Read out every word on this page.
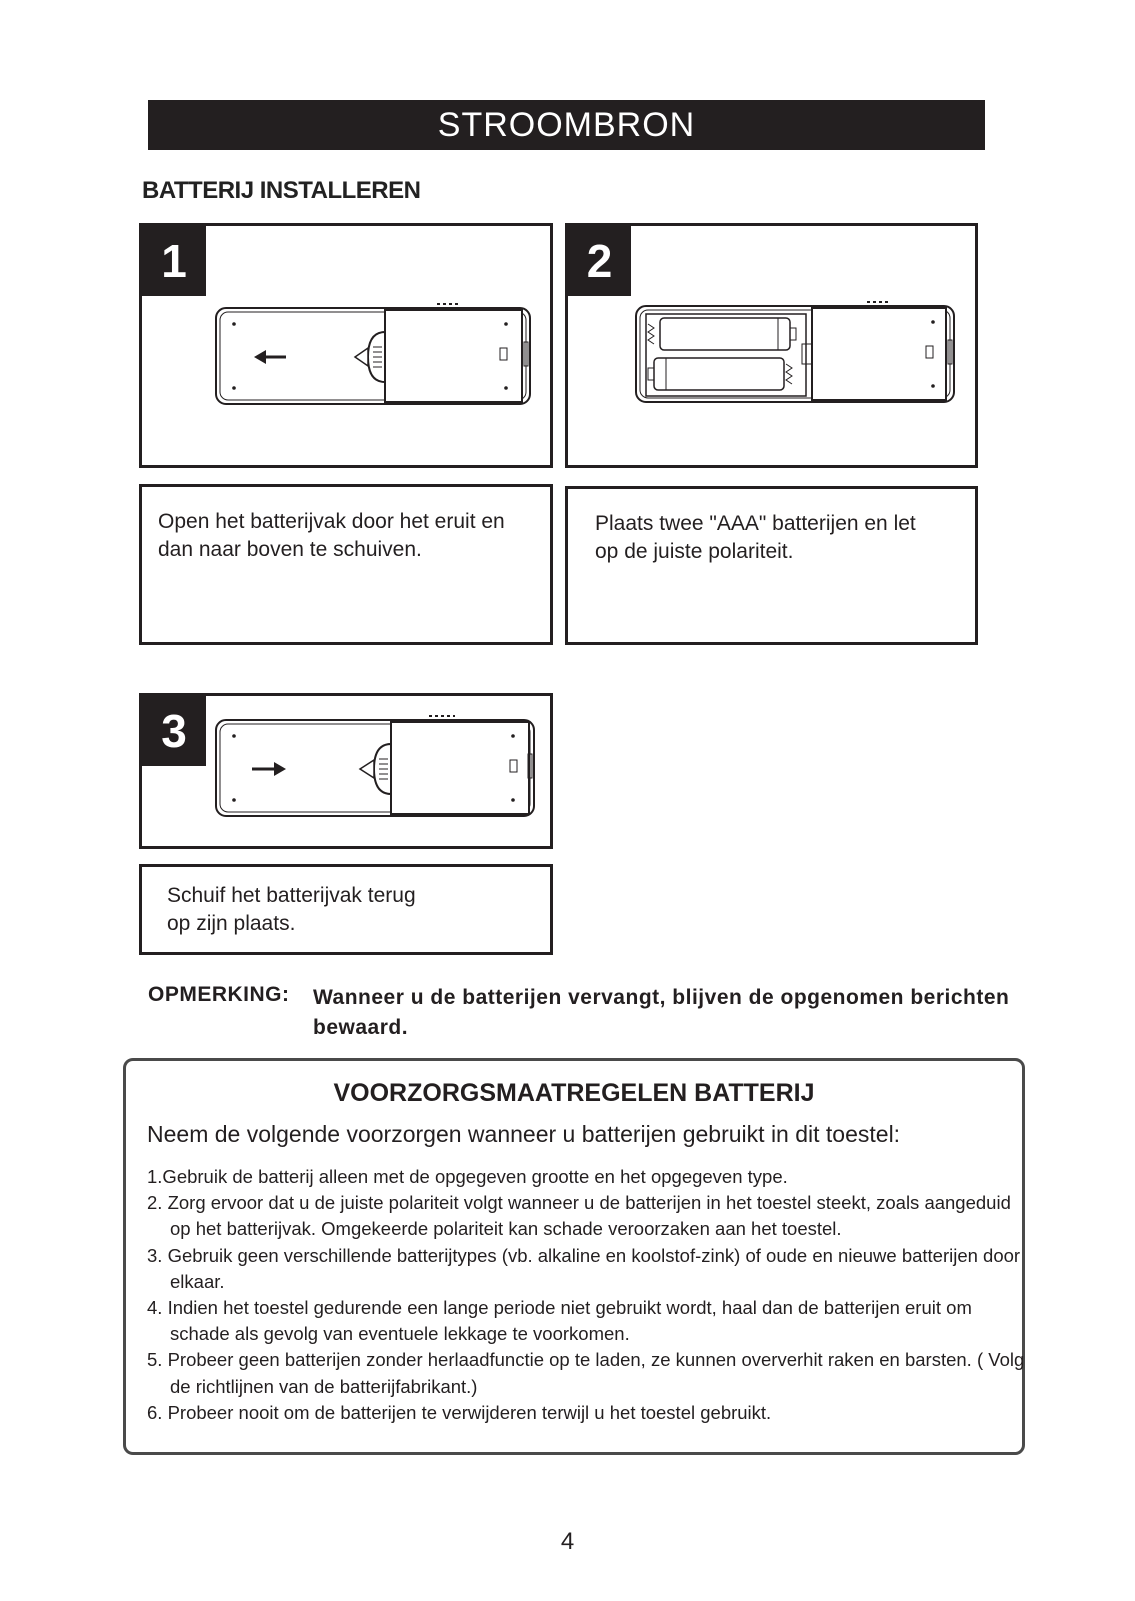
STROOMBRON
BATTERIJ INSTALLEREN
1	2
Open het batterijvak door het eruit en
dan naar boven te schuiven.
Plaats twee "AAA" batterijen en let
op de juiste polariteit.
3
Schuif het batterijvak terug
op zijn plaats.
OPMERKING: Wanneer u de batterijen vervangt, blijven de opgenomen berichten bewaard.
VOORZORGSMAATREGELEN BATTERIJ
Neem de volgende voorzorgen wanneer u batterijen gebruikt in dit toestel:
1.Gebruik de batterij alleen met de opgegeven grootte en het opgegeven type.
2. Zorg ervoor dat u de juiste polariteit volgt wanneer u de batterijen in het toestel steekt, zoals aangeduid op het batterijvak. Omgekeerde polariteit kan schade veroorzaken aan het toestel.
3. Gebruik geen verschillende batterijtypes (vb. alkaline en koolstof-zink) of oude en nieuwe batterijen door elkaar.
4. Indien het toestel gedurende een lange periode niet gebruikt wordt, haal dan de batterijen eruit om schade als gevolg van eventuele lekkage te voorkomen.
5. Probeer geen batterijen zonder herlaadfunctie op te laden, ze kunnen oververhit raken en barsten. ( Volg de richtlijnen van de batterijfabrikant.)
6. Probeer nooit om de batterijen te verwijderen terwijl u het toestel gebruikt.
4
